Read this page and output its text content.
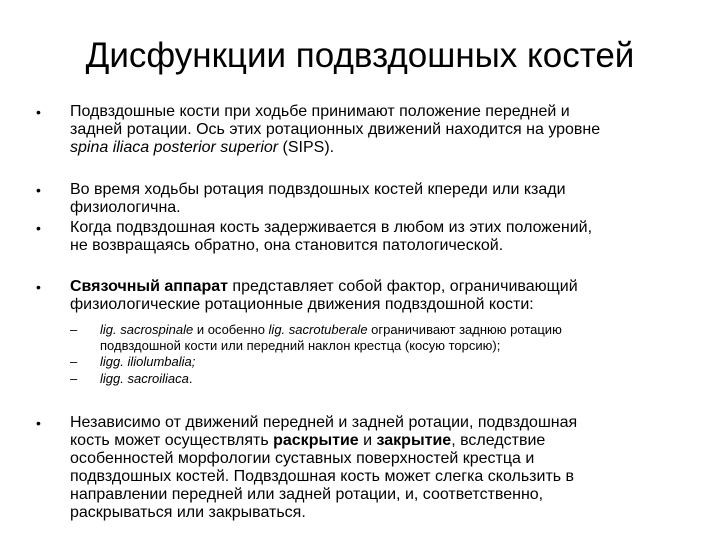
Дисфункции подвздошных костей
• Подвздошные кости при ходьбе принимают положение передней и
задней ротации. Ось этих ротационных движений находится на уровне
spina iliaca posterior superior (SIPS).
• Во время ходьбы ротация подвздошных костей кпереди или кзади
физиологична.
• Когда подвздошная кость задерживается в любом из этих положений,
не возвращаясь обратно, она становится патологической.
• Связочный аппарат представляет собой фактор, ограничивающий
физиологические ротационные движения подвздошной кости:
– lig. sacrospinale и особенно lig. sacrotuberale ограничивают заднюю ротацию
подвздошной кости или передний наклон крестца (косую торсию);
– ligg. iliolumbalia;
– ligg. sacroiliaca.
• Независимо от движений передней и задней ротации, подвздошная
кость может осуществлять раскрытие и закрытие, вследствие
особенностей морфологии суставных поверхностей крестца и
подвздошных костей. Подвздошная кость может слегка скользить в
направлении передней или задней ротации, и, соответственно,
раскрываться или закрываться.
